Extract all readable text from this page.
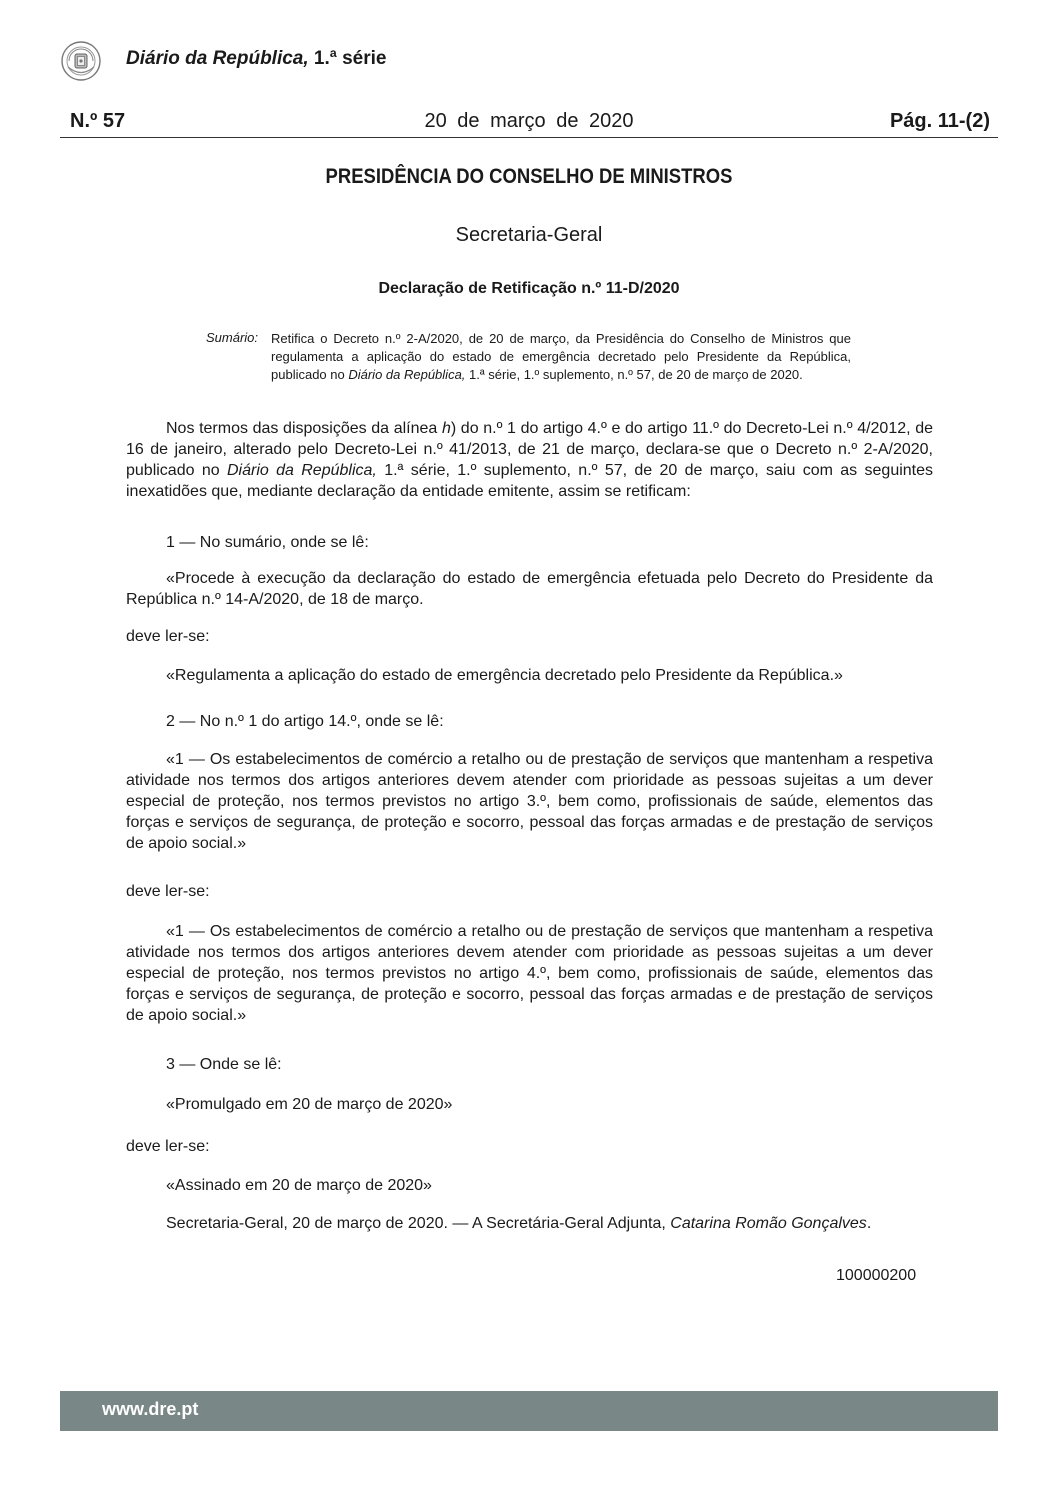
Diário da República, 1.ª série
20 de março de 2020
N.º 57	Pág. 11-(2)
PRESIDÊNCIA DO CONSELHO DE MINISTROS
Secretaria-Geral
Declaração de Retificação n.º 11-D/2020
Sumário: Retifica o Decreto n.º 2-A/2020, de 20 de março, da Presidência do Conselho de Ministros que regulamenta a aplicação do estado de emergência decretado pelo Presidente da República, publicado no Diário da República, 1.ª série, 1.º suplemento, n.º 57, de 20 de março de 2020.
Nos termos das disposições da alínea h) do n.º 1 do artigo 4.º e do artigo 11.º do Decreto-Lei n.º 4/2012, de 16 de janeiro, alterado pelo Decreto-Lei n.º 41/2013, de 21 de março, declara-se que o Decreto n.º 2-A/2020, publicado no Diário da República, 1.ª série, 1.º suplemento, n.º 57, de 20 de março, saiu com as seguintes inexatidões que, mediante declaração da entidade emitente, assim se retificam:
1 — No sumário, onde se lê:
«Procede à execução da declaração do estado de emergência efetuada pelo Decreto do Presidente da República n.º 14-A/2020, de 18 de março.
deve ler-se:
«Regulamenta a aplicação do estado de emergência decretado pelo Presidente da República.»
2 — No n.º 1 do artigo 14.º, onde se lê:
«1 — Os estabelecimentos de comércio a retalho ou de prestação de serviços que mantenham a respetiva atividade nos termos dos artigos anteriores devem atender com prioridade as pessoas sujeitas a um dever especial de proteção, nos termos previstos no artigo 3.º, bem como, profissionais de saúde, elementos das forças e serviços de segurança, de proteção e socorro, pessoal das forças armadas e de prestação de serviços de apoio social.»
deve ler-se:
«1 — Os estabelecimentos de comércio a retalho ou de prestação de serviços que mantenham a respetiva atividade nos termos dos artigos anteriores devem atender com prioridade as pessoas sujeitas a um dever especial de proteção, nos termos previstos no artigo 4.º, bem como, profissionais de saúde, elementos das forças e serviços de segurança, de proteção e socorro, pessoal das forças armadas e de prestação de serviços de apoio social.»
3 — Onde se lê:
«Promulgado em 20 de março de 2020»
deve ler-se:
«Assinado em 20 de março de 2020»
Secretaria-Geral, 20 de março de 2020. — A Secretária-Geral Adjunta, Catarina Romão Gonçalves.
100000200
www.dre.pt
